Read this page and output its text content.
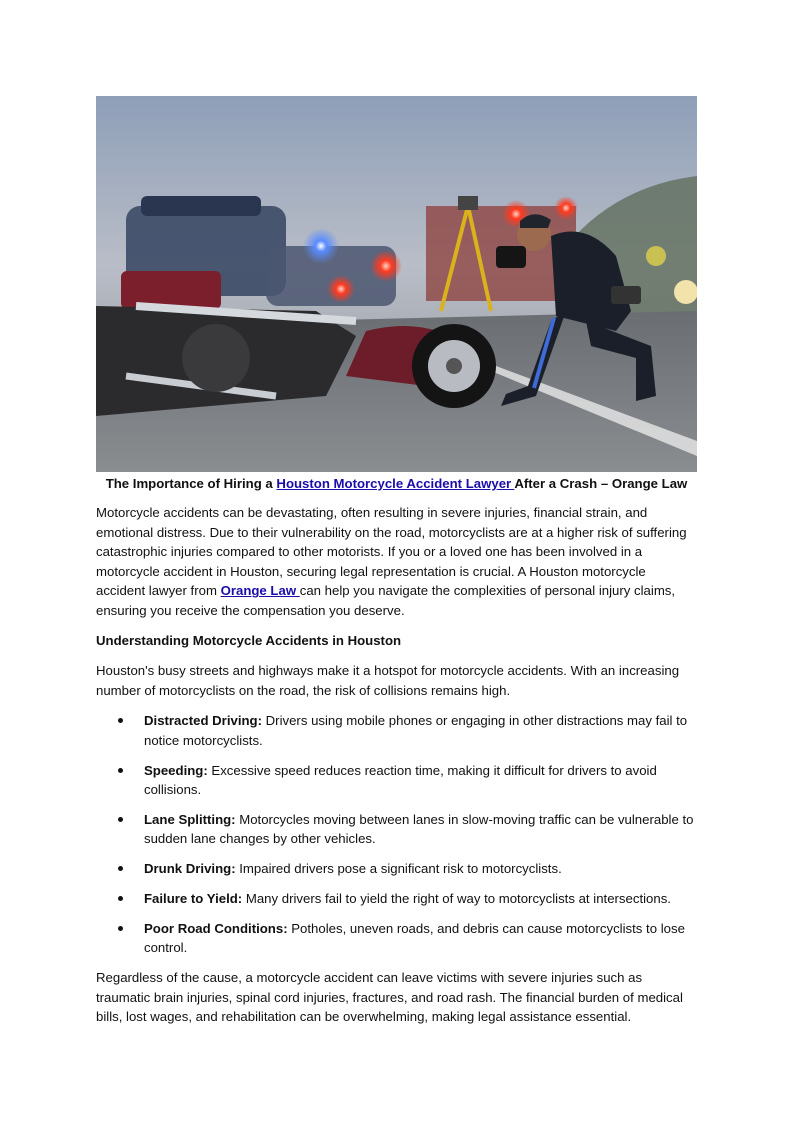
The Importance of Hiring a Houston Motorcycle Accident Lawyer After a Crash – Orange Law

Motorcycle accidents can be devastating, often resulting in severe injuries, financial strain, and emotional distress. Due to their vulnerability on the road, motorcyclists are at a higher risk of suffering catastrophic injuries compared to other motorists. If you or a loved one has been involved in a motorcycle accident in Houston, securing legal representation is crucial. A Houston motorcycle accident lawyer from Orange Law can help you navigate the complexities of personal injury claims, ensuring you receive the compensation you deserve.

Understanding Motorcycle Accidents in Houston

Houston's busy streets and highways make it a hotspot for motorcycle accidents. With an increasing number of motorcyclists on the road, the risk of collisions remains high.

Distracted Driving: Drivers using mobile phones or engaging in other distractions may fail to notice motorcyclists.
Speeding: Excessive speed reduces reaction time, making it difficult for drivers to avoid collisions.
Lane Splitting: Motorcycles moving between lanes in slow-moving traffic can be vulnerable to sudden lane changes by other vehicles.
Drunk Driving: Impaired drivers pose a significant risk to motorcyclists.
Failure to Yield: Many drivers fail to yield the right of way to motorcyclists at intersections.
Poor Road Conditions: Potholes, uneven roads, and debris can cause motorcyclists to lose control.

Regardless of the cause, a motorcycle accident can leave victims with severe injuries such as traumatic brain injuries, spinal cord injuries, fractures, and road rash. The financial burden of medical bills, lost wages, and rehabilitation can be overwhelming, making legal assistance essential.
